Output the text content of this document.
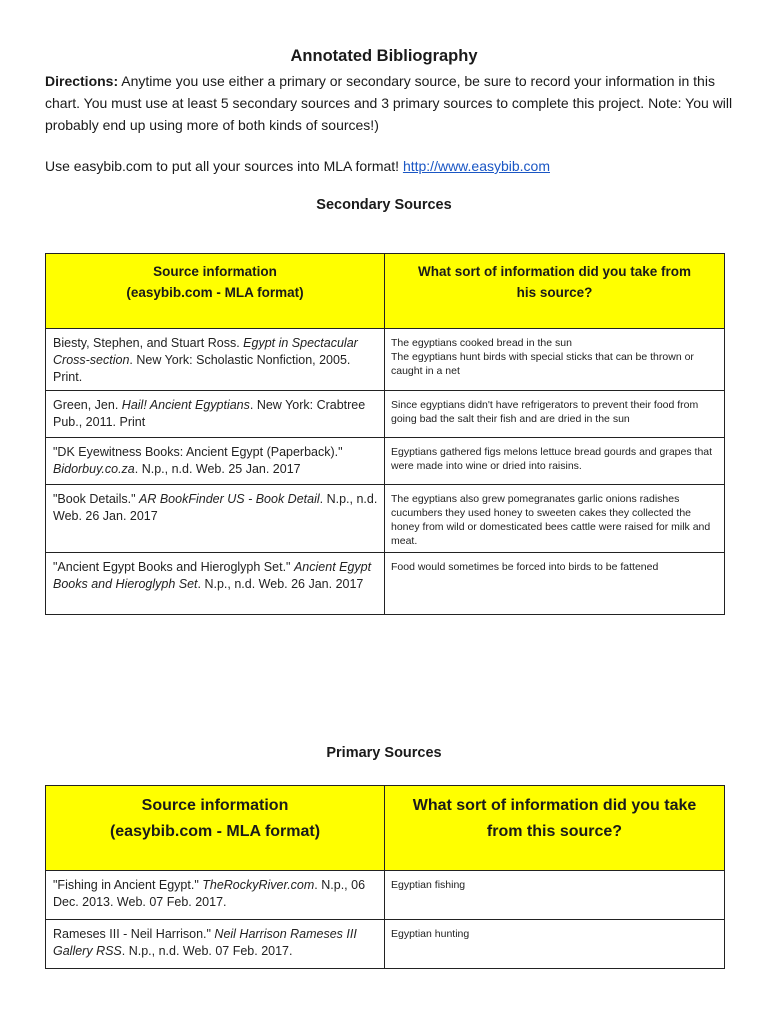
Annotated Bibliography
Directions: Anytime you use either a primary or secondary source, be sure to record your information in this chart. You must use at least 5 secondary sources and 3 primary sources to complete this project. Note: You will probably end up using more of both kinds of sources!)
Use easybib.com to put all your sources into MLA format! http://www.easybib.com
Secondary Sources
Source information
(easybib.com - MLA format)	What sort of information did you take from
his source?

Biesty, Stephen, and Stuart Ross. Egypt in Spectacular Cross-section. New York: Scholastic Nonfiction, 2005. Print.	The egyptians cooked bread in the sun
The egyptians hunt birds with special sticks that can be thrown or caught in a net

Green, Jen. Hail! Ancient Egyptians. New York: Crabtree Pub., 2011. Print	Since egyptians didn't have refrigerators to prevent their food from going bad the salt their fish and are dried in the sun

"DK Eyewitness Books: Ancient Egypt (Paperback)." Bidorbuy.co.za. N.p., n.d. Web. 25 Jan. 2017	Egyptians gathered figs melons lettuce bread gourds and grapes that were made into wine or dried into raisins.

"Book Details." AR BookFinder US - Book Detail. N.p., n.d. Web. 26 Jan. 2017	The egyptians also grew pomegranates garlic onions radishes cucumbers they used honey to sweeten cakes they collected the honey from wild or domesticated bees cattle were raised for milk and meat.

"Ancient Egypt Books and Hieroglyph Set." Ancient Egypt Books and Hieroglyph Set. N.p., n.d. Web. 26 Jan. 2017	Food would sometimes be forced into birds to be fattened
Primary Sources
Source information
(easybib.com - MLA format)	What sort of information did you take
from this source?

"Fishing in Ancient Egypt." TheRockyRiver.com. N.p., 06 Dec. 2013. Web. 07 Feb. 2017.	Egyptian fishing

Rameses III - Neil Harrison." Neil Harrison Rameses III Gallery RSS. N.p., n.d. Web. 07 Feb. 2017.	Egyptian hunting
